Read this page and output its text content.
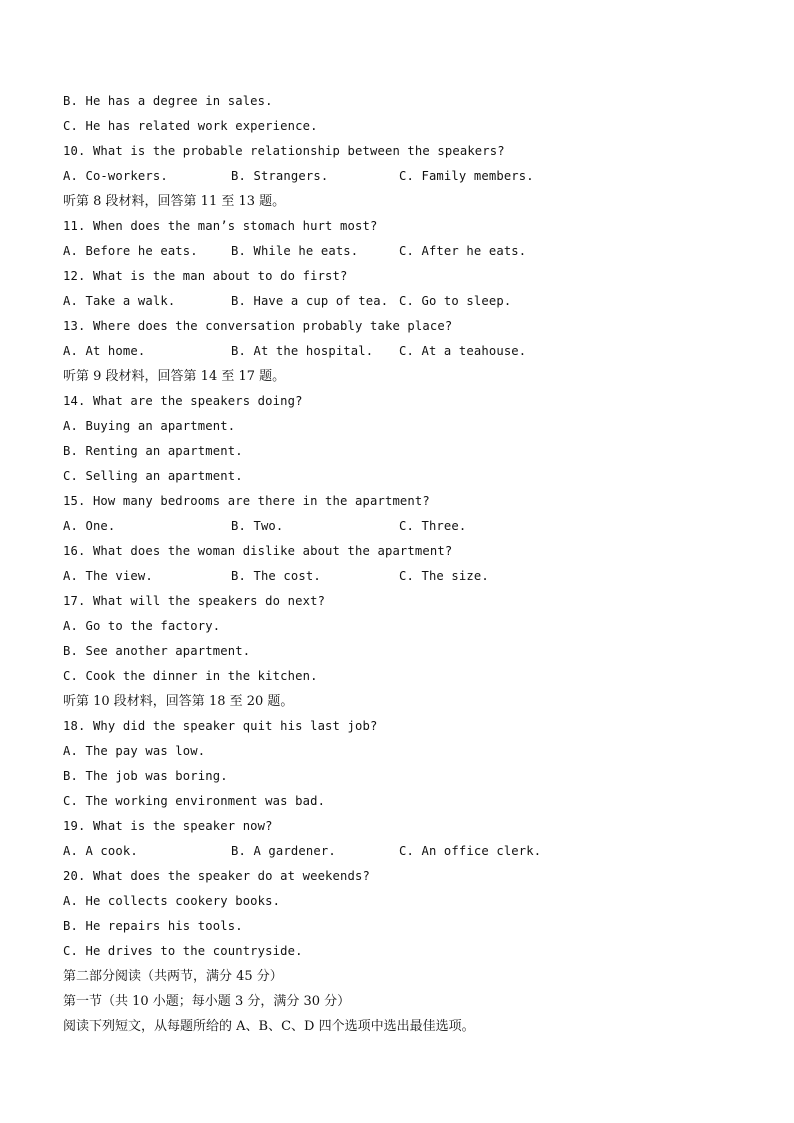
B. He has a degree in sales.
C. He has related work experience.
10. What is the probable relationship between the speakers?
A. Co-workers.	B. Strangers.	C. Family members.
听第 8 段材料，回答第 11 至 13 题。
11. When does the man’s stomach hurt most?
A. Before he eats.	B. While he eats.	C. After he eats.
12. What is the man about to do first?
A. Take a walk.	B. Have a cup of tea. C. Go to sleep.
13. Where does the conversation probably take place?
A. At home.	B. At the hospital. C. At a teahouse.
听第 9 段材料，回答第 14 至 17 题。
14. What are the speakers doing?
A. Buying an apartment.
B. Renting an apartment.
C. Selling an apartment.
15. How many bedrooms are there in the apartment?
A. One.	B. Two.	C. Three.
16. What does the woman dislike about the apartment?
A. The view.	B. The cost.	C. The size.
17. What will the speakers do next?
A. Go to the factory.
B. See another apartment.
C. Cook the dinner in the kitchen.
听第 10 段材料，回答第 18 至 20 题。
18. Why did the speaker quit his last job?
A. The pay was low.
B. The job was boring.
C. The working environment was bad.
19. What is the speaker now?
A. A cook.	B. A gardener.	C. An office clerk.
20. What does the speaker do at weekends?
A. He collects cookery books.
B. He repairs his tools.
C. He drives to the countryside.
第二部分阅读（共两节，满分 45 分）
第一节（共 10 小题；每小题 3 分，满分 30 分）
阅读下列短文，从每题所给的 A、B、C、D 四个选项中选出最佳选项。
